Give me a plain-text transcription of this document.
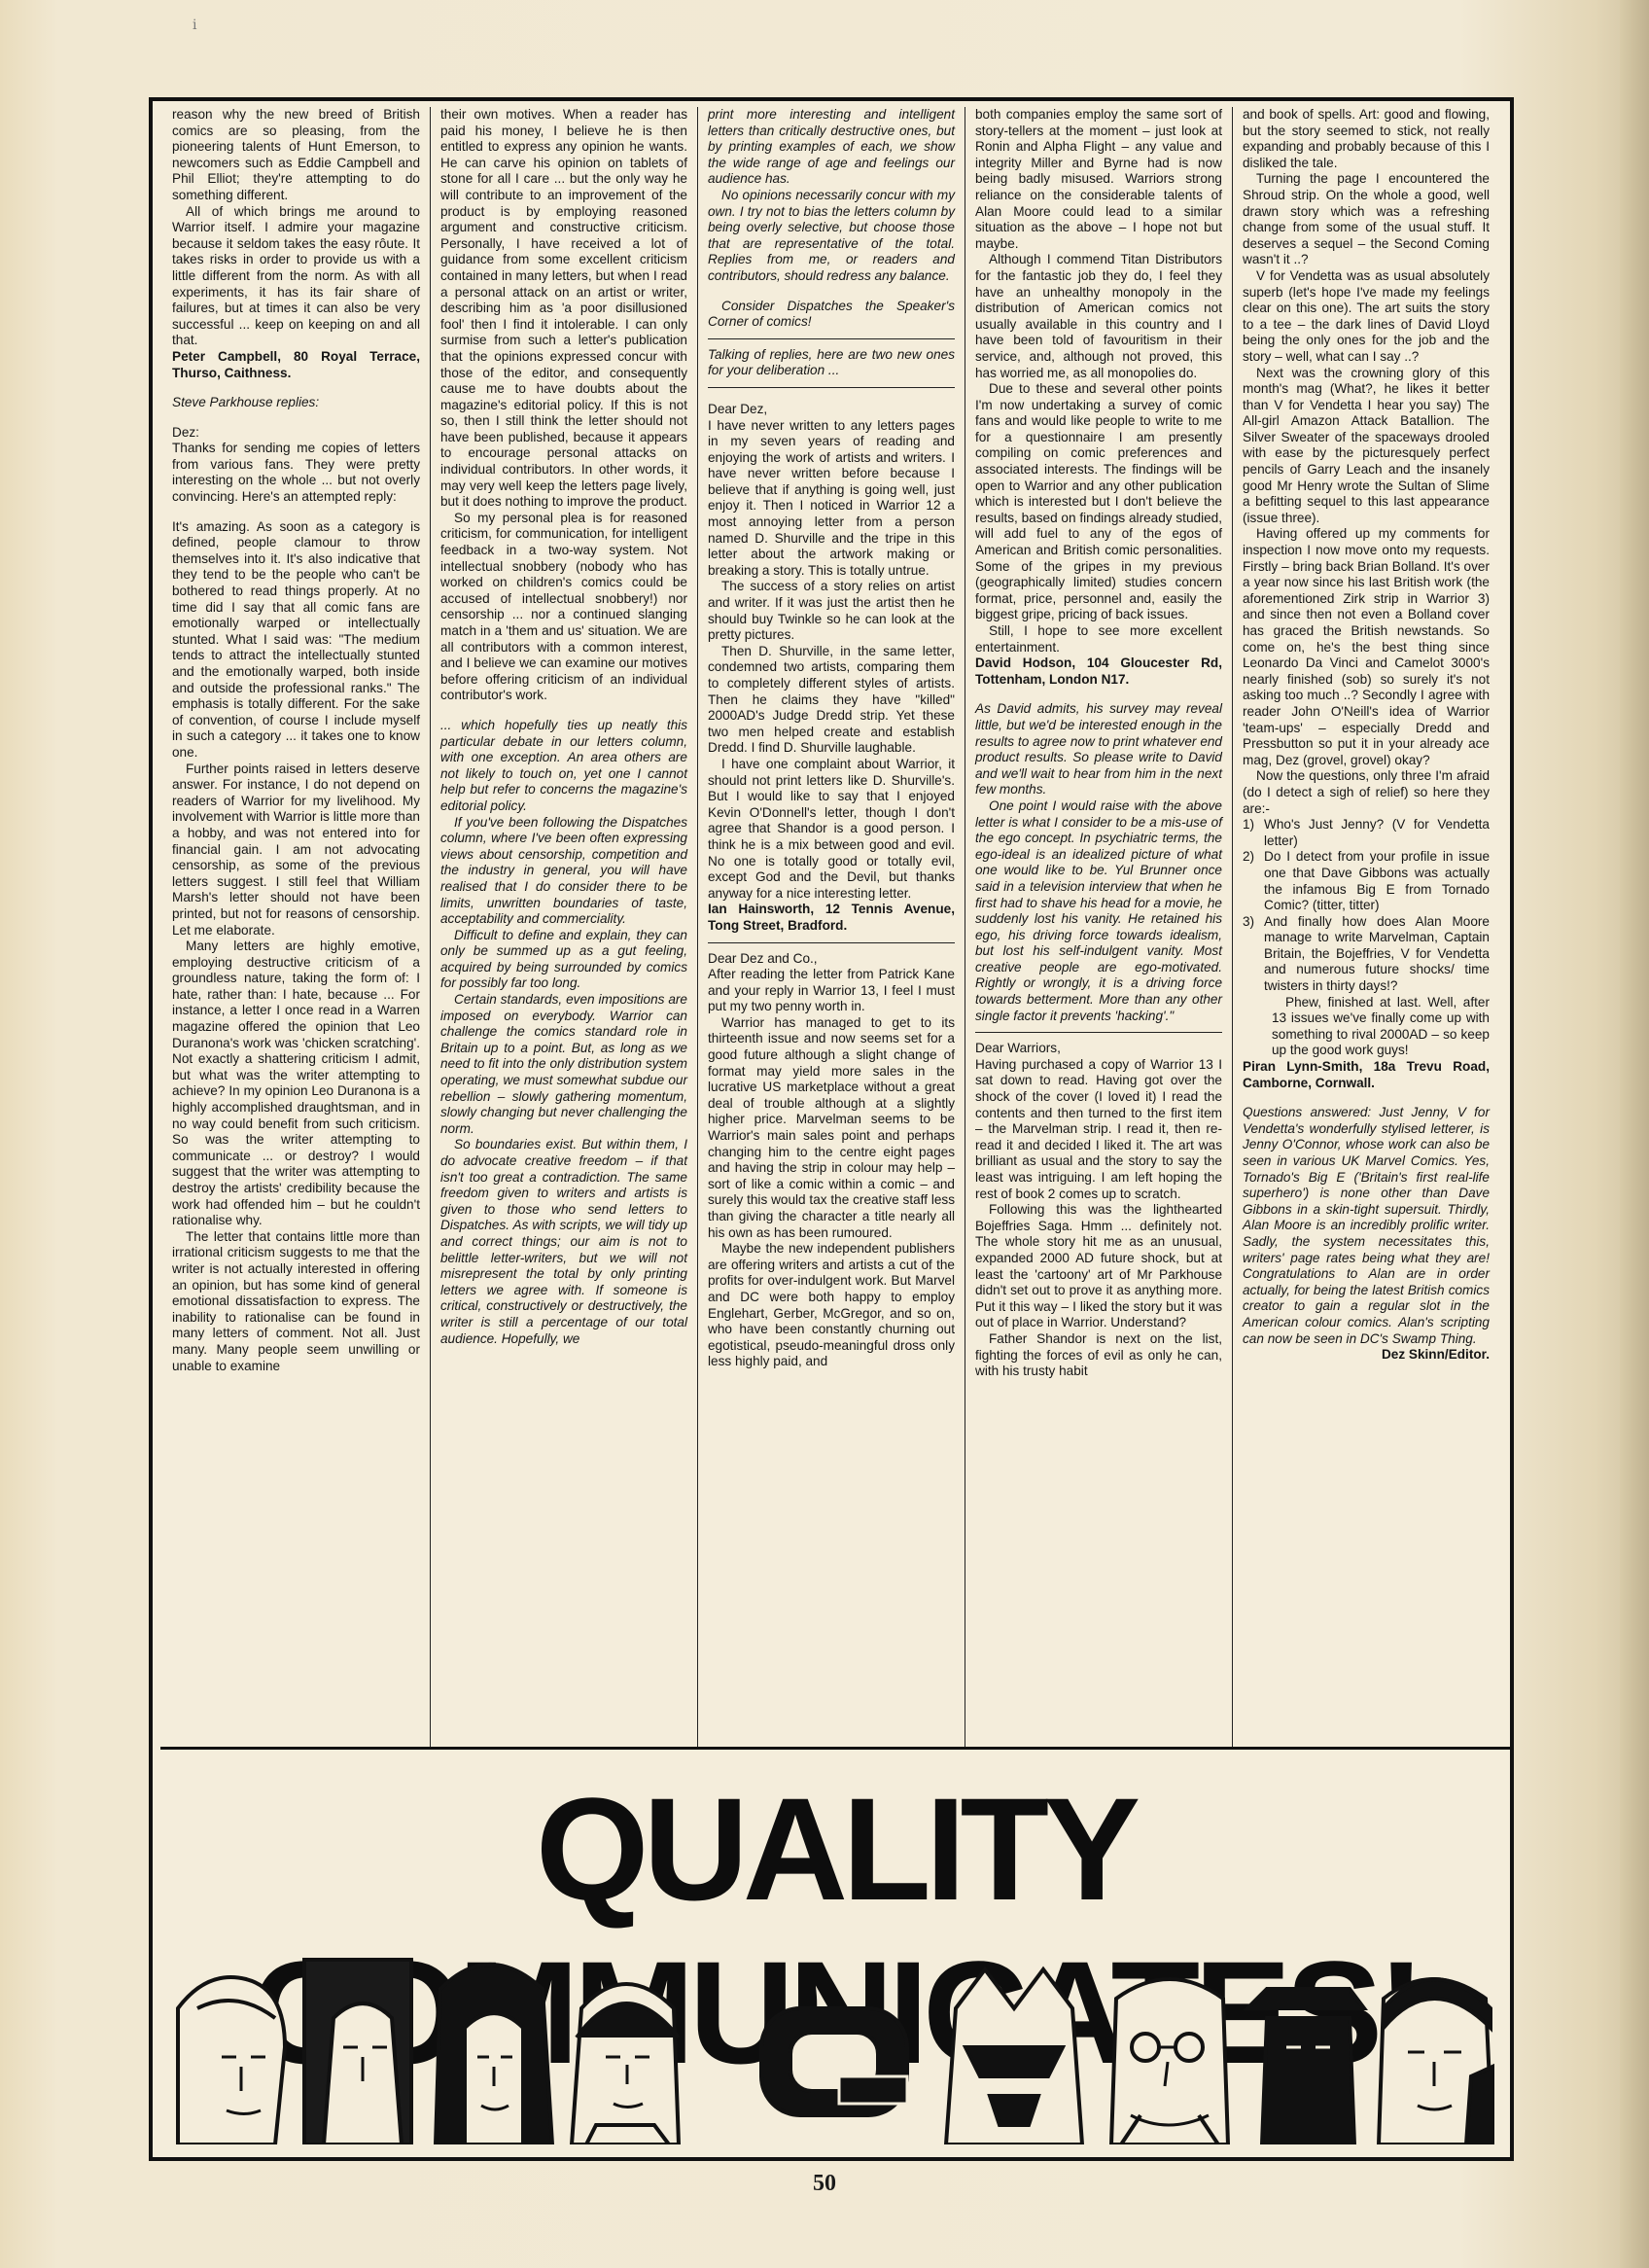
ⅰ

reason why the new breed of British comics are so pleasing, from the pioneering talents of Hunt Emerson, to newcomers such as Eddie Campbell and Phil Elliot; they're attempting to do something different.

All of which brings me around to Warrior itself. I admire your magazine because it seldom takes the easy rôute. It takes risks in order to provide us with a little different from the norm. As with all experiments, it has its fair share of failures, but at times it can also be very successful ... keep on keeping on and all that.

Peter Campbell, 80 Royal Terrace, Thurso, Caithness.

Steve Parkhouse replies:

Dez:

Thanks for sending me copies of letters from various fans. They were pretty interesting on the whole ... but not overly convincing. Here's an attempted reply:

It's amazing. As soon as a category is defined, people clamour to throw themselves into it. It's also indicative that they tend to be the people who can't be bothered to read things properly. At no time did I say that all comic fans are emotionally warped or intellectually stunted. What I said was: "The medium tends to attract the intellectually stunted and the emotionally warped, both inside and outside the professional ranks." The emphasis is totally different. For the sake of convention, of course I include myself in such a category ... it takes one to know one.

Further points raised in letters deserve answer. For instance, I do not depend on readers of Warrior for my livelihood. My involvement with Warrior is little more than a hobby, and was not entered into for financial gain. I am not advocating censorship, as some of the previous letters suggest. I still feel that William Marsh's letter should not have been printed, but not for reasons of censorship. Let me elaborate.

Many letters are highly emotive, employing destructive criticism of a groundless nature, taking the form of: I hate, rather than: I hate, because ... For instance, a letter I once read in a Warren magazine offered the opinion that Leo Duranona's work was 'chicken scratching'. Not exactly a shattering criticism I admit, but what was the writer attempting to achieve? In my opinion Leo Duranona is a highly accomplished draughtsman, and in no way could benefit from such criticism. So was the writer attempting to communicate ... or destroy? I would suggest that the writer was attempting to destroy the artists' credibility because the work had offended him – but he couldn't rationalise why.

The letter that contains little more than irrational criticism suggests to me that the writer is not actually interested in offering an opinion, but has some kind of general emotional dissatisfaction to express. The inability to rationalise can be found in many letters of comment. Not all. Just many. Many people seem unwilling or unable to examine

their own motives. When a reader has paid his money, I believe he is then entitled to express any opinion he wants. He can carve his opinion on tablets of stone for all I care ... but the only way he will contribute to an improvement of the product is by employing reasoned argument and constructive criticism. Personally, I have received a lot of guidance from some excellent criticism contained in many letters, but when I read a personal attack on an artist or writer, describing him as 'a poor disillusioned fool' then I find it intolerable. I can only surmise from such a letter's publication that the opinions expressed concur with those of the editor, and consequently cause me to have doubts about the magazine's editorial policy. If this is not so, then I still think the letter should not have been published, because it appears to encourage personal attacks on individual contributors. In other words, it may very well keep the letters page lively, but it does nothing to improve the product.

So my personal plea is for reasoned criticism, for communication, for intelligent feedback in a two-way system. Not intellectual snobbery (nobody who has worked on children's comics could be accused of intellectual snobbery!) nor censorship ... nor a continued slanging match in a 'them and us' situation. We are all contributors with a common interest, and I believe we can examine our motives before offering criticism of an individual contributor's work.

... which hopefully ties up neatly this particular debate in our letters column, with one exception. An area others are not likely to touch on, yet one I cannot help but refer to concerns the magazine's editorial policy.

If you've been following the Dispatches column, where I've been often expressing views about censorship, competition and the industry in general, you will have realised that I do consider there to be limits, unwritten boundaries of taste, acceptability and commerciality.

Difficult to define and explain, they can only be summed up as a gut feeling, acquired by being surrounded by comics for possibly far too long.

Certain standards, even impositions are imposed on everybody. Warrior can challenge the comics standard role in Britain up to a point. But, as long as we need to fit into the only distribution system operating, we must somewhat subdue our rebellion – slowly gathering momentum, slowly changing but never challenging the norm.

So boundaries exist. But within them, I do advocate creative freedom – if that isn't too great a contradiction. The same freedom given to writers and artists is given to those who send letters to Dispatches. As with scripts, we will tidy up and correct things; our aim is not to belittle letter-writers, but we will not misrepresent the total by only printing letters we agree with. If someone is critical, constructively or destructively, the writer is still a percentage of our total audience. Hopefully, we

print more interesting and intelligent letters than critically destructive ones, but by printing examples of each, we show the wide range of age and feelings our audience has.

No opinions necessarily concur with my own. I try not to bias the letters column by being overly selective, but choose those that are representative of the total. Replies from me, or readers and contributors, should redress any balance.

Consider Dispatches the Speaker's Corner of comics!

Talking of replies, here are two new ones for your deliberation ...

Dear Dez,

I have never written to any letters pages in my seven years of reading and enjoying the work of artists and writers. I have never written before because I believe that if anything is going well, just enjoy it. Then I noticed in Warrior 12 a most annoying letter from a person named D. Shurville and the tripe in this letter about the artwork making or breaking a story. This is totally untrue.

The success of a story relies on artist and writer. If it was just the artist then he should buy Twinkle so he can look at the pretty pictures.

Then D. Shurville, in the same letter, condemned two artists, comparing them to completely different styles of artists. Then he claims they have "killed" 2000AD's Judge Dredd strip. Yet these two men helped create and establish Dredd. I find D. Shurville laughable.

I have one complaint about Warrior, it should not print letters like D. Shurville's. But I would like to say that I enjoyed Kevin O'Donnell's letter, though I don't agree that Shandor is a good person. I think he is a mix between good and evil. No one is totally good or totally evil, except God and the Devil, but thanks anyway for a nice interesting letter.

Ian Hainsworth, 12 Tennis Avenue, Tong Street, Bradford.

Dear Dez and Co.,

After reading the letter from Patrick Kane and your reply in Warrior 13, I feel I must put my two penny worth in.

Warrior has managed to get to its thirteenth issue and now seems set for a good future although a slight change of format may yield more sales in the lucrative US marketplace without a great deal of trouble although at a slightly higher price. Marvelman seems to be Warrior's main sales point and perhaps changing him to the centre eight pages and having the strip in colour may help – sort of like a comic within a comic – and surely this would tax the creative staff less than giving the character a title nearly all his own as has been rumoured.

Maybe the new independent publishers are offering writers and artists a cut of the profits for over-indulgent work. But Marvel and DC were both happy to employ Englehart, Gerber, McGregor, and so on, who have been constantly churning out egotistical, pseudo-meaningful dross only less highly paid, and

both companies employ the same sort of story-tellers at the moment – just look at Ronin and Alpha Flight – any value and integrity Miller and Byrne had is now being badly misused. Warriors strong reliance on the considerable talents of Alan Moore could lead to a similar situation as the above – I hope not but maybe.

Although I commend Titan Distributors for the fantastic job they do, I feel they have an unhealthy monopoly in the distribution of American comics not usually available in this country and I have been told of favouritism in their service, and, although not proved, this has worried me, as all monopolies do.

Due to these and several other points I'm now undertaking a survey of comic fans and would like people to write to me for a questionnaire I am presently compiling on comic preferences and associated interests. The findings will be open to Warrior and any other publication which is interested but I don't believe the results, based on findings already studied, will add fuel to any of the egos of American and British comic personalities. Some of the gripes in my previous (geographically limited) studies concern format, price, personnel and, easily the biggest gripe, pricing of back issues.

Still, I hope to see more excellent entertainment.

David Hodson, 104 Gloucester Rd, Tottenham, London N17.

As David admits, his survey may reveal little, but we'd be interested enough in the results to agree now to print whatever end product results. So please write to David and we'll wait to hear from him in the next few months.

One point I would raise with the above letter is what I consider to be a mis-use of the ego concept. In psychiatric terms, the ego-ideal is an idealized picture of what one would like to be. Yul Brunner once said in a television interview that when he first had to shave his head for a movie, he suddenly lost his vanity. He retained his ego, his driving force towards idealism, but lost his self-indulgent vanity. Most creative people are ego-motivated. Rightly or wrongly, it is a driving force towards betterment. More than any other single factor it prevents 'hacking'."

Dear Warriors,

Having purchased a copy of Warrior 13 I sat down to read. Having got over the shock of the cover (I loved it) I read the contents and then turned to the first item – the Marvelman strip. I read it, then re-read it and decided I liked it. The art was brilliant as usual and the story to say the least was intriguing. I am left hoping the rest of book 2 comes up to scratch.

Following this was the lighthearted Bojeffries Saga. Hmm ... definitely not. The whole story hit me as an unusual, expanded 2000 AD future shock, but at least the 'cartoony' art of Mr Parkhouse didn't set out to prove it as anything more. Put it this way – I liked the story but it was out of place in Warrior. Understand?

Father Shandor is next on the list, fighting the forces of evil as only he can, with his trusty habit

and book of spells. Art: good and flowing, but the story seemed to stick, not really expanding and probably because of this I disliked the tale.

Turning the page I encountered the Shroud strip. On the whole a good, well drawn story which was a refreshing change from some of the usual stuff. It deserves a sequel – the Second Coming wasn't it ..?

V for Vendetta was as usual absolutely superb (let's hope I've made my feelings clear on this one). The art suits the story to a tee – the dark lines of David Lloyd being the only ones for the job and the story – well, what can I say ..?

Next was the crowning glory of this month's mag (What?, he likes it better than V for Vendetta I hear you say) The All-girl Amazon Attack Batallion. The Silver Sweater of the spaceways drooled with ease by the picturesquely perfect pencils of Garry Leach and the insanely good Mr Henry wrote the Sultan of Slime a befitting sequel to this last appearance (issue three).

Having offered up my comments for inspection I now move onto my requests. Firstly – bring back Brian Bolland. It's over a year now since his last British work (the aforementioned Zirk strip in Warrior 3) and since then not even a Bolland cover has graced the British newstands. So come on, he's the best thing since Leonardo Da Vinci and Camelot 3000's nearly finished (sob) so surely it's not asking too much ..? Secondly I agree with reader John O'Neill's idea of Warrior 'team-ups' – especially Dredd and Pressbutton so put it in your already ace mag, Dez (grovel, grovel) okay?

Now the questions, only three I'm afraid (do I detect a sigh of relief) so here they are:-

1) Who's Just Jenny? (V for Vendetta letter)
2) Do I detect from your profile in issue one that Dave Gibbons was actually the infamous Big E from Tornado Comic? (titter, titter)
3) And finally how does Alan Moore manage to write Marvelman, Captain Britain, the Bojeffries, V for Vendetta and numerous future shocks/ time twisters in thirty days!?

Phew, finished at last. Well, after 13 issues we've finally come up with something to rival 2000AD – so keep up the good work guys!

Piran Lynn-Smith, 18a Trevu Road, Camborne, Cornwall.

Questions answered: Just Jenny, V for Vendetta's wonderfully stylised letterer, is Jenny O'Connor, whose work can also be seen in various UK Marvel Comics. Yes, Tornado's Big E ('Britain's first real-life superhero') is none other than Dave Gibbons in a skin-tight supersuit. Thirdly, Alan Moore is an incredibly prolific writer. Sadly, the system necessitates this, writers' page rates being what they are! Congratulations to Alan are in order actually, for being the latest British comics creator to gain a regular slot in the American colour comics. Alan's scripting can now be seen in DC's Swamp Thing.

Dez Skinn/Editor.

QUALITY
50
